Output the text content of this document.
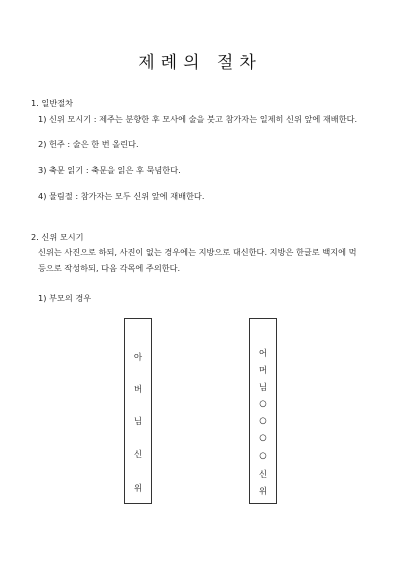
제례의 절차
1. 일반절차
1) 신위 모시기 : 제주는 분향한 후 모사에 술을 붓고 참가자는 일제히 신위 앞에 재배한다.
2) 헌주 : 술은 한 번 올린다.
3) 축문 읽기 : 축문을 읽은 후 묵념한다.
4) 물림절 : 참가자는 모두 신위 앞에 재배한다.
2. 신위 모시기
신위는 사진으로 하되, 사진이 없는 경우에는 지방으로 대신한다. 지방은 한글로 백지에 먹
등으로 작성하되, 다음 각목에 주의한다.
1) 부모의 경우
아
버
님
신
위
어
머
님
○
○
○
○
신
위
